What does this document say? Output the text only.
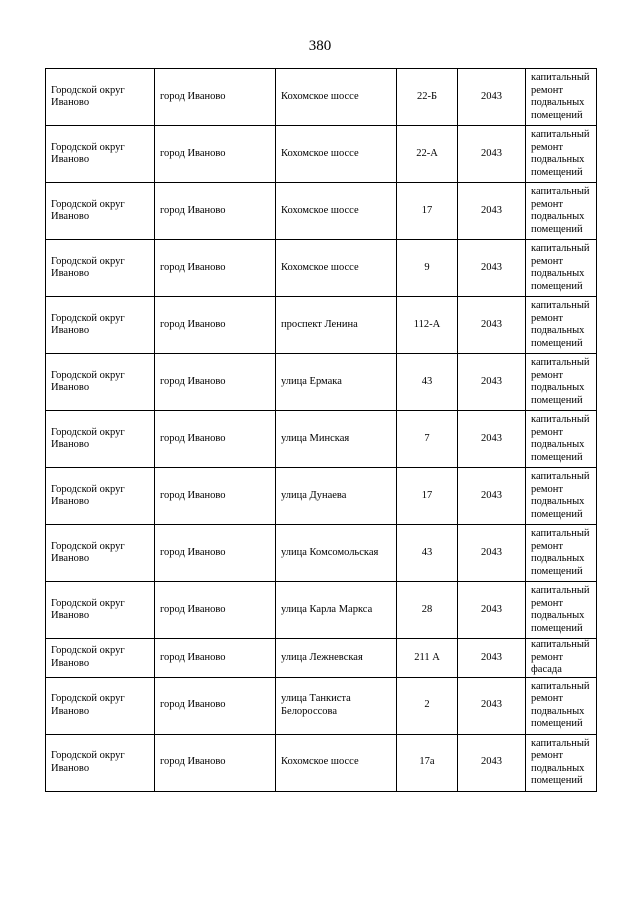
380
Городской округ Иваново	город Иваново	Кохомское шоссе	22-Б	2043	капитальный ремонт подвальных помещений
Городской округ Иваново	город Иваново	Кохомское шоссе	22-А	2043	капитальный ремонт подвальных помещений
Городской округ Иваново	город Иваново	Кохомское шоссе	17	2043	капитальный ремонт подвальных помещений
Городской округ Иваново	город Иваново	Кохомское шоссе	9	2043	капитальный ремонт подвальных помещений
Городской округ Иваново	город Иваново	проспект Ленина	112-А	2043	капитальный ремонт подвальных помещений
Городской округ Иваново	город Иваново	улица Ермака	43	2043	капитальный ремонт подвальных помещений
Городской округ Иваново	город Иваново	улица Минская	7	2043	капитальный ремонт подвальных помещений
Городской округ Иваново	город Иваново	улица Дунаева	17	2043	капитальный ремонт подвальных помещений
Городской округ Иваново	город Иваново	улица Комсомольская	43	2043	капитальный ремонт подвальных помещений
Городской округ Иваново	город Иваново	улица Карла Маркса	28	2043	капитальный ремонт подвальных помещений
Городской округ Иваново	город Иваново	улица Лежневская	211 А	2043	капитальный ремонт фасада
Городской округ Иваново	город Иваново	улица Танкиста Белороссова	2	2043	капитальный ремонт подвальных помещений
Городской округ Иваново	город Иваново	Кохомское шоссе	17а	2043	капитальный ремонт подвальных помещений
